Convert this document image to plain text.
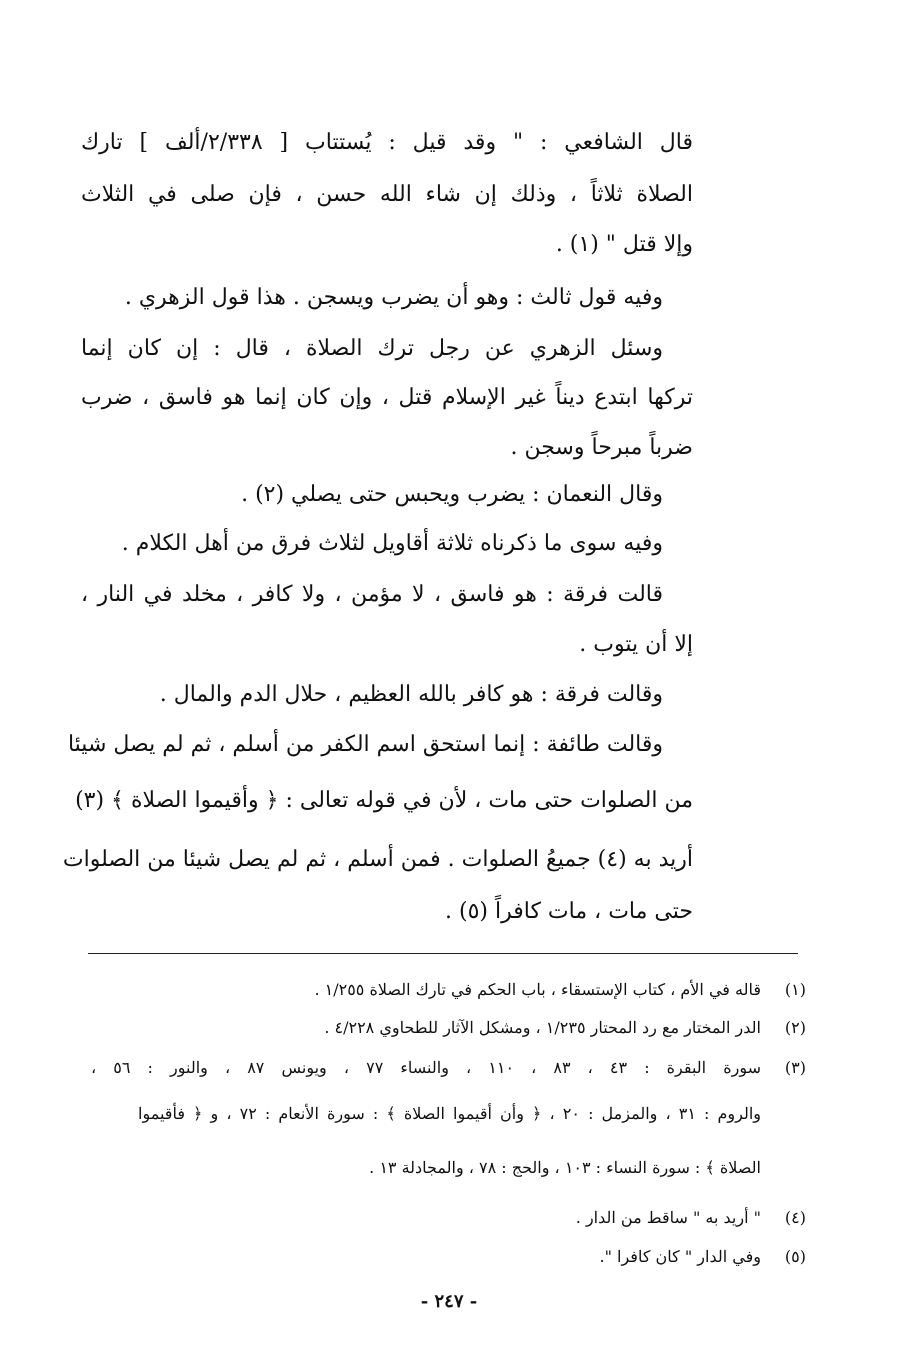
قال الشافعي : " وقد قيل : يُستتاب [ ٢/٣٣٨/ألف ] تارك
الصلاة ثلاثاً ، وذلك إن شاء الله حسن ، فإن صلى في الثلاث
وإلا قتل " (١) .
وفيه قول ثالث : وهو أن يضرب ويسجن . هذا قول الزهري .
وسئل الزهري عن رجل ترك الصلاة ، قال : إن كان إنما
تركها ابتدع ديناً غير الإسلام قتل ، وإن كان إنما هو فاسق ، ضرب
ضرباً مبرحاً وسجن .
وقال النعمان : يضرب ويحبس حتى يصلي (٢) .
وفيه سوى ما ذكرناه ثلاثة أقاويل لثلاث فرق من أهل الكلام .
قالت فرقة : هو فاسق ، لا مؤمن ، ولا كافر ، مخلد في النار ،
إلا أن يتوب .
وقالت فرقة : هو كافر بالله العظيم ، حلال الدم والمال .
وقالت طائفة : إنما استحق اسم الكفر من أسلم ، ثم لم يصل شيئا
من الصلوات حتى مات ، لأن في قوله تعالى : ﴿ وأقيموا الصلاة ﴾ (٣)
أريد به (٤) جميعُ الصلوات . فمن أسلم ، ثم لم يصل شيئا من الصلوات
حتى مات ، مات كافراً (٥) .
(١)
قاله في الأم ، كتاب الإستسقاء ، باب الحكم في تارك الصلاة ١/٢٥٥ .
(٢)
الدر المختار مع رد المحتار ١/٢٣٥ ، ومشكل الآثار للطحاوي ٤/٢٢٨ .
(٣)
سورة البقرة : ٤٣ ، ٨٣ ، ١١٠ ، والنساء ٧٧ ، ويونس ٨٧ ، والنور : ٥٦ ،
والروم : ٣١ ، والمزمل : ٢٠ ، ﴿ وأن أقيموا الصلاة ﴾ : سورة الأنعام : ٧٢ ، و ﴿ فأقيموا
الصلاة ﴾ : سورة النساء : ١٠٣ ، والحج : ٧٨ ، والمجادلة ١٣ .
(٤)
" أريد به " ساقط من الدار .
(٥)
وفي الدار " كان كافرا ".
- ٢٤٧ -
